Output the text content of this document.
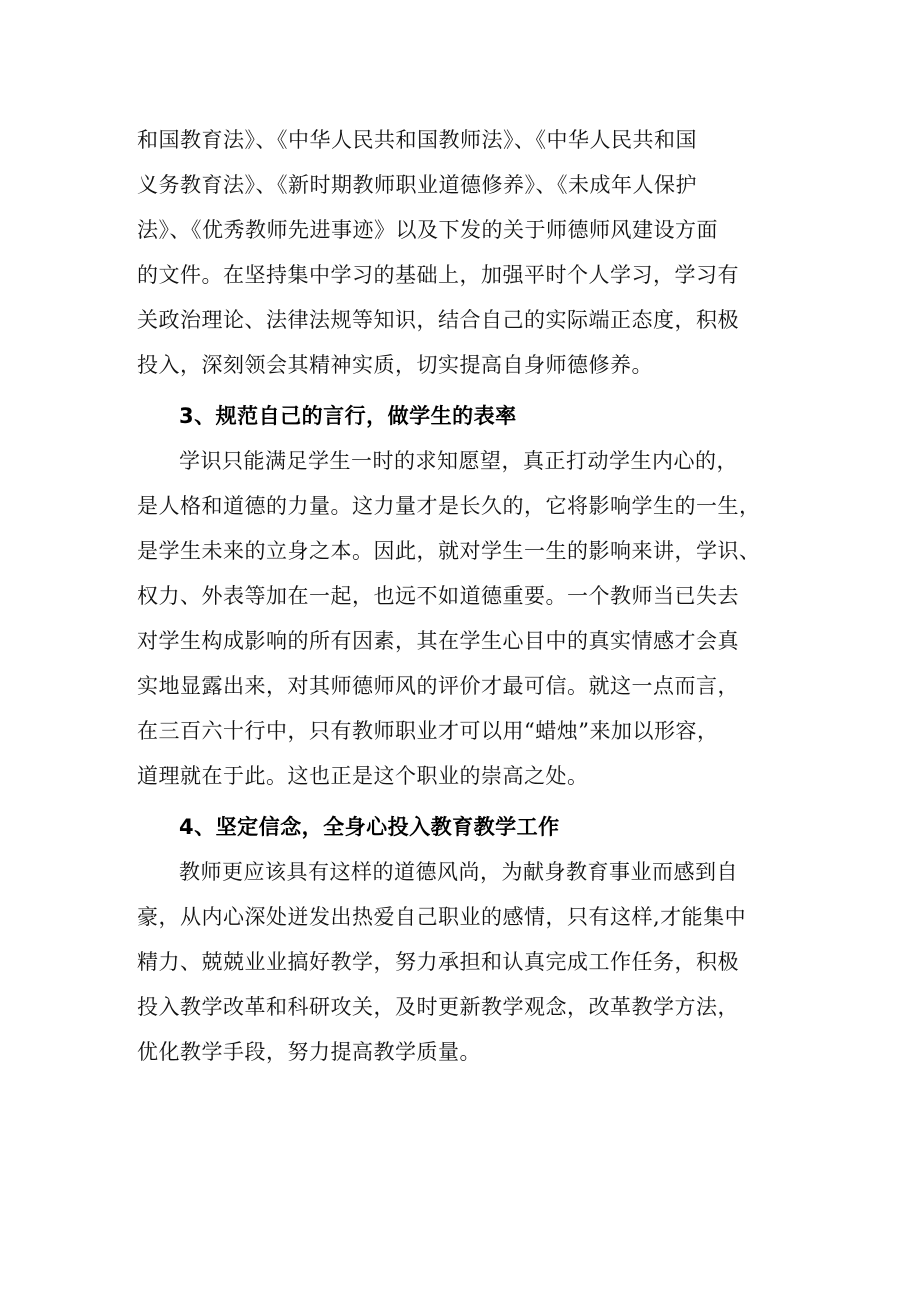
和国教育法》、《中华人民共和国教师法》、《中华人民共和国
义务教育法》、《新时期教师职业道德修养》、《未成年人保护
法》、《优秀教师先进事迹》以及下发的关于师德师风建设方面
的文件。在坚持集中学习的基础上，加强平时个人学习，学习有
关政治理论、法律法规等知识，结合自己的实际端正态度，积极
投入，深刻领会其精神实质，切实提高自身师德修养。
3、规范自己的言行，做学生的表率
学识只能满足学生一时的求知愿望，真正打动学生内心的，
是人格和道德的力量。这力量才是长久的，它将影响学生的一生，
是学生未来的立身之本。因此，就对学生一生的影响来讲，学识、
权力、外表等加在一起，也远不如道德重要。一个教师当已失去
对学生构成影响的所有因素，其在学生心目中的真实情感才会真
实地显露出来，对其师德师风的评价才最可信。就这一点而言，
在三百六十行中，只有教师职业才可以用“蜡烛”来加以形容，
道理就在于此。这也正是这个职业的崇高之处。
4、坚定信念，全身心投入教育教学工作
教师更应该具有这样的道德风尚，为献身教育事业而感到自
豪，从内心深处迸发出热爱自己职业的感情，只有这样,才能集中
精力、兢兢业业搞好教学，努力承担和认真完成工作任务，积极
投入教学改革和科研攻关，及时更新教学观念，改革教学方法，
优化教学手段，努力提高教学质量。
